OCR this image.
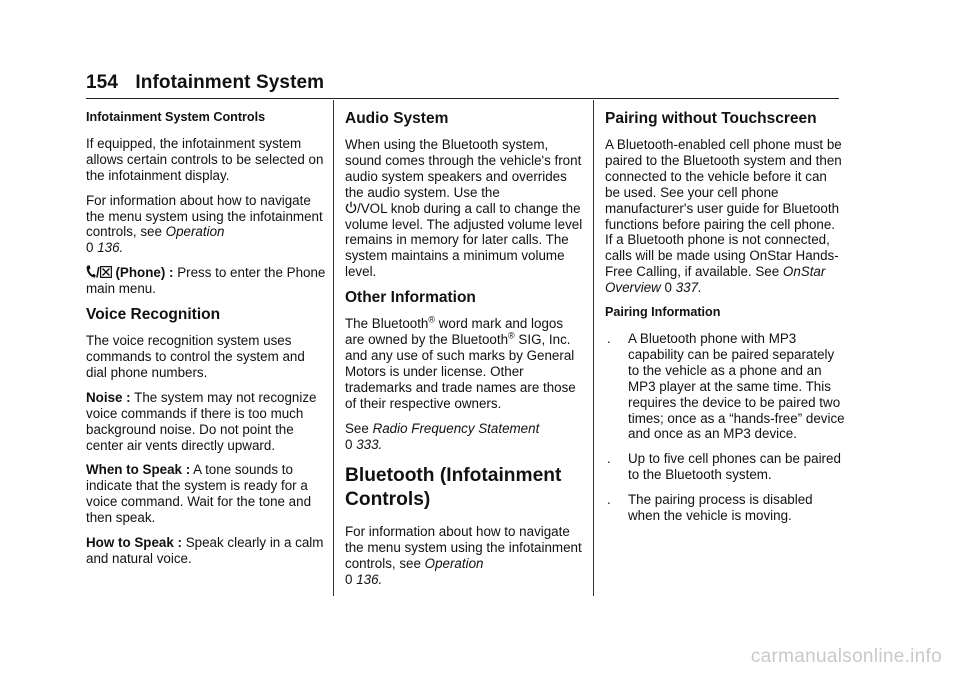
154 Infotainment System

Infotainment System Controls

If equipped, the infotainment system allows certain controls to be selected on the infotainment display.

For information about how to navigate the menu system using the infotainment controls, see Operation
0 136.

/ (Phone) : Press to enter the Phone main menu.

Voice Recognition

The voice recognition system uses commands to control the system and dial phone numbers.

Noise : The system may not recognize voice commands if there is too much background noise. Do not point the center air vents directly upward.

When to Speak : A tone sounds to indicate that the system is ready for a voice command. Wait for the tone and then speak.

How to Speak : Speak clearly in a calm and natural voice.

Audio System

When using the Bluetooth system, sound comes through the vehicle's front audio system speakers and overrides the audio system. Use the
/VOL knob during a call to change the volume level. The adjusted volume level remains in memory for later calls. The system maintains a minimum volume level.

Other Information

The Bluetooth® word mark and logos are owned by the Bluetooth® SIG, Inc. and any use of such marks by General Motors is under license. Other trademarks and trade names are those of their respective owners.

See Radio Frequency Statement
0 333.

Bluetooth (Infotainment Controls)

For information about how to navigate the menu system using the infotainment controls, see Operation
0 136.

Pairing without Touchscreen

A Bluetooth-enabled cell phone must be paired to the Bluetooth system and then connected to the vehicle before it can be used. See your cell phone manufacturer's user guide for Bluetooth functions before pairing the cell phone. If a Bluetooth phone is not connected, calls will be made using OnStar Hands-Free Calling, if available. See OnStar Overview 0 337.

Pairing Information

. A Bluetooth phone with MP3 capability can be paired separately to the vehicle as a phone and an MP3 player at the same time. This requires the device to be paired two times; once as a “hands-free” device and once as an MP3 device.
. Up to five cell phones can be paired to the Bluetooth system.
. The pairing process is disabled when the vehicle is moving.
carmanualsonline.info
